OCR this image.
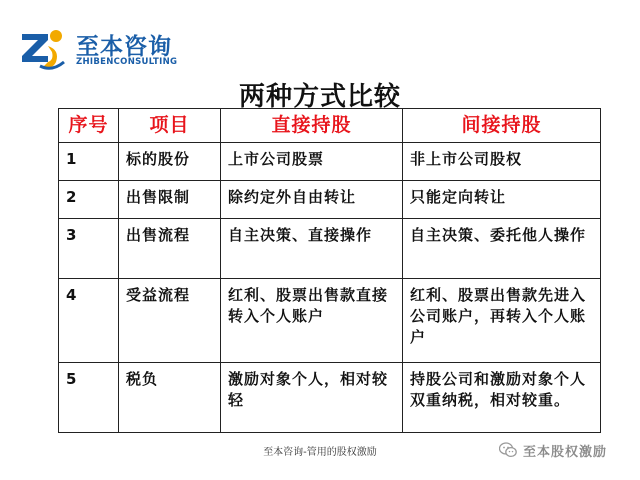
至本咨询
ZHIBENCONSULTING
两种方式比较
序号	项目	直接持股	间接持股
1	标的股份	上市公司股票	非上市公司股权
2	出售限制	除约定外自由转让	只能定向转让
3	出售流程	自主决策、直接操作	自主决策、委托他人操作
4	受益流程	红利、股票出售款直接转入个人账户	红利、股票出售款先进入公司账户，再转入个人账户
5	税负	激励对象个人，相对较轻	持股公司和激励对象个人双重纳税，相对较重。
至本咨询-管用的股权激励	至本股权激励
